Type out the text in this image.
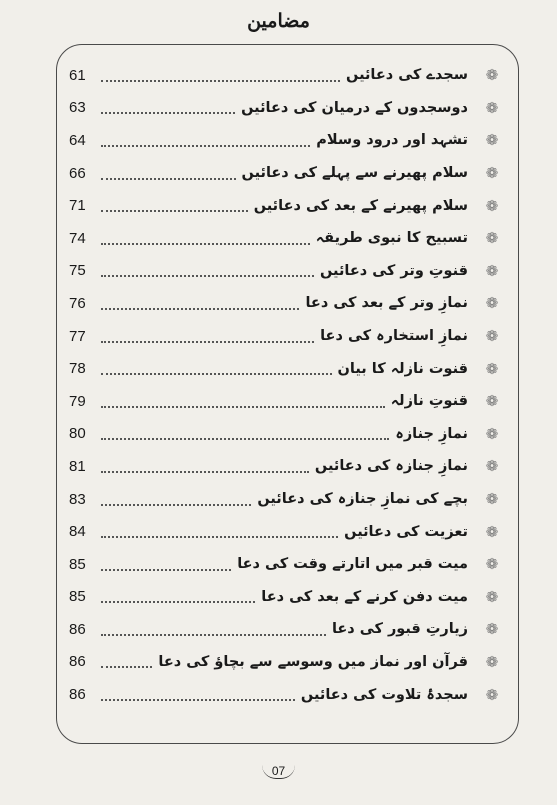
مضامین
61	سجدے کی دعائیں ❁
63	دوسجدوں کے درمیان کی دعائیں ❁
64	تشہد اور درود وسلام ❁
66	سلام پھیرنے سے پہلے کی دعائیں ❁
71	سلام پھیرنے کے بعد کی دعائیں ❁
74	تسبیح کا نبوی طریقہ ❁
75	قنوتِ وتر کی دعائیں ❁
76	نمازِ وتر کے بعد کی دعا ❁
77	نمازِ استخارہ کی دعا ❁
78	قنوت نازلہ کا بیان ❁
79	قنوتِ نازلہ ❁
80	نمازِ جنازہ ❁
81	نمازِ جنازہ کی دعائیں ❁
83	بچے کی نمازِ جنازہ کی دعائیں ❁
84	تعزیت کی دعائیں ❁
85	میت قبر میں اتارتے وقت کی دعا ❁
85	میت دفن کرنے کے بعد کی دعا ❁
86	زیارتِ قبور کی دعا ❁
86	قرآن اور نماز میں وسوسے سے بچاؤ کی دعا ❁
86	سجدۂ تلاوت کی دعائیں ❁
07
